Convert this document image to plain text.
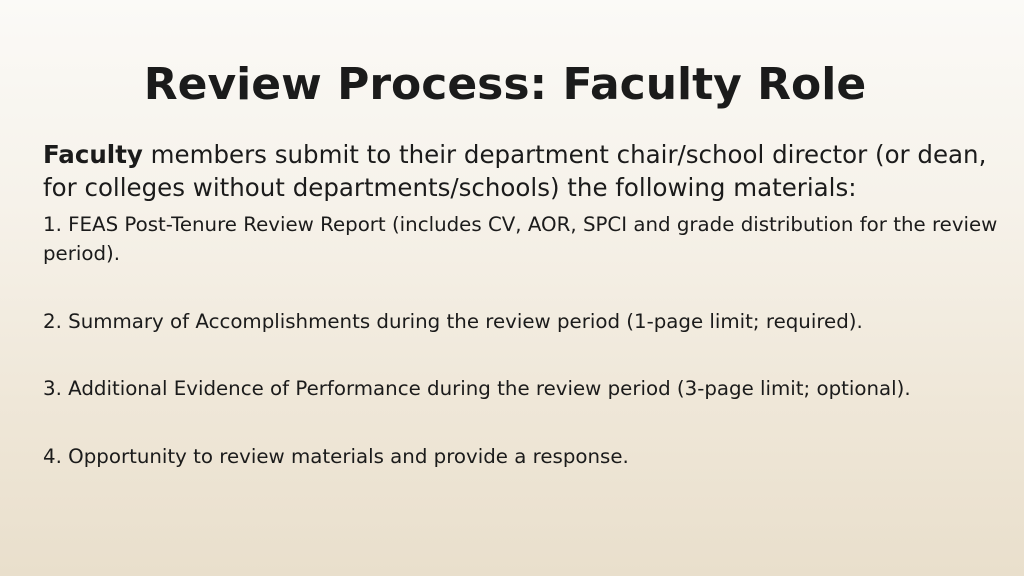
Review Process: Faculty Role

Faculty members submit to their department chair/school director (or dean, for colleges without departments/schools) the following materials:

1. FEAS Post-Tenure Review Report (includes CV, AOR, SPCI and grade distribution for the review period).

2. Summary of Accomplishments during the review period (1-page limit; required).

3. Additional Evidence of Performance during the review period (3-page limit; optional).

4. Opportunity to review materials and provide a response.
